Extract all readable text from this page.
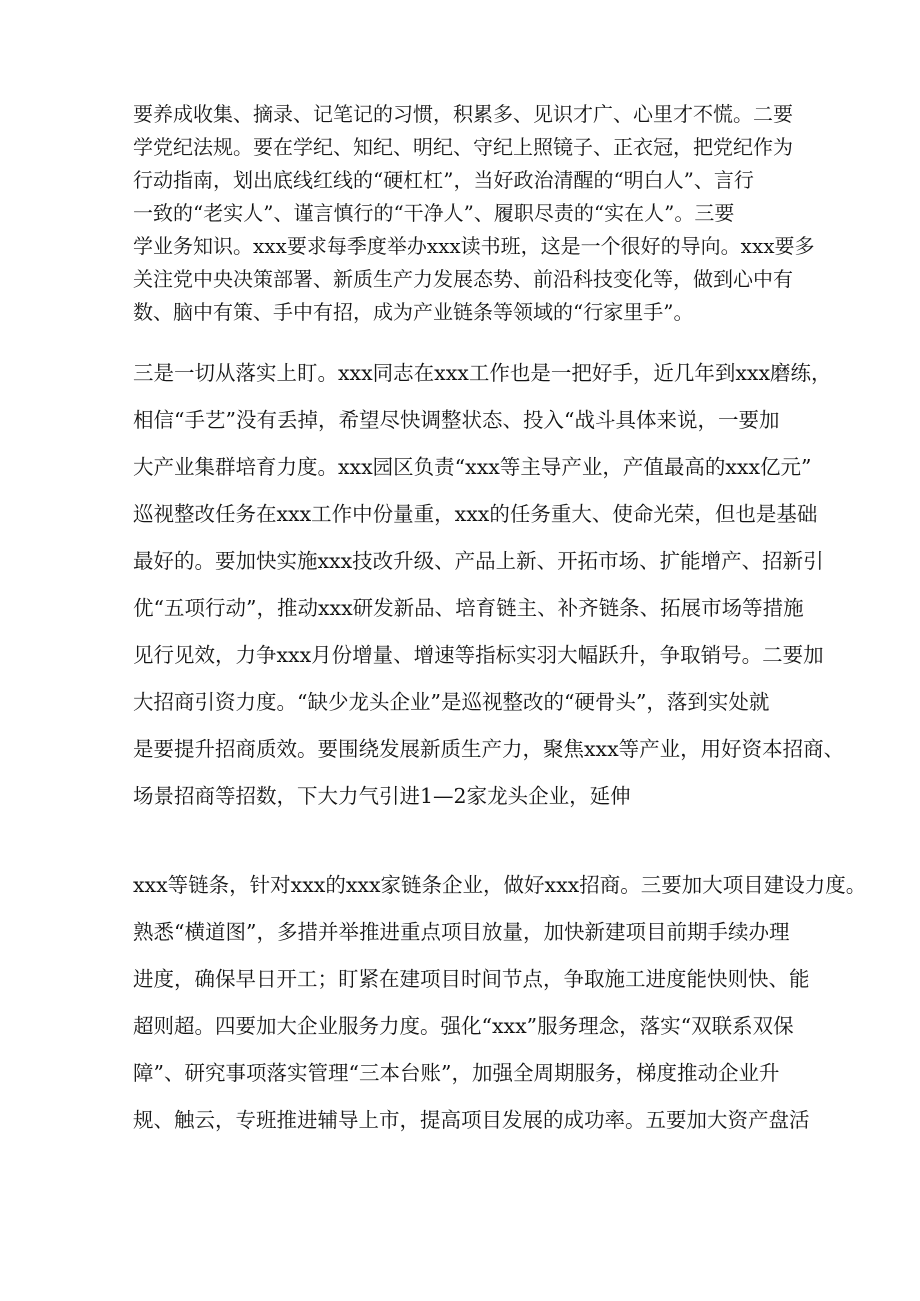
要养成收集、摘录、记笔记的习惯，积累多、见识才广、心里才不慌。二要
学党纪法规。要在学纪、知纪、明纪、守纪上照镜子、正衣冠，把党纪作为
行动指南，划出底线红线的“硬杠杠”，当好政治清醒的“明白人”、言行
一致的“老实人”、谨言慎行的“干净人”、履职尽责的“实在人”。三要
学业务知识。xxx要求每季度举办xxx读书班，这是一个很好的导向。xxx要多
关注党中央决策部署、新质生产力发展态势、前沿科技变化等，做到心中有
数、脑中有策、手中有招，成为产业链条等领域的“行家里手”。
三是一切从落实上盯。xxx同志在xxx工作也是一把好手，近几年到xxx磨练，
相信“手艺”没有丢掉，希望尽快调整状态、投入“战斗具体来说，一要加
大产业集群培育力度。xxx园区负责“xxx等主导产业，产值最高的xxx亿元”
巡视整改任务在xxx工作中份量重，xxx的任务重大、使命光荣，但也是基础
最好的。要加快实施xxx技改升级、产品上新、开拓市场、扩能增产、招新引
优“五项行动”，推动xxx研发新品、培育链主、补齐链条、拓展市场等措施
见行见效，力争xxx月份增量、增速等指标实羽大幅跃升，争取销号。二要加
大招商引资力度。“缺少龙头企业”是巡视整改的“硬骨头”，落到实处就
是要提升招商质效。要围绕发展新质生产力，聚焦xxx等产业，用好资本招商、
场景招商等招数，下大力气引进1—2家龙头企业，延伸
xxx等链条，针对xxx的xxx家链条企业，做好xxx招商。三要加大项目建设力度。
熟悉“横道图”，多措并举推进重点项目放量，加快新建项目前期手续办理
进度，确保早日开工；盯紧在建项目时间节点，争取施工进度能快则快、能
超则超。四要加大企业服务力度。强化“xxx”服务理念，落实“双联系双保
障”、研究事项落实管理“三本台账”，加强全周期服务，梯度推动企业升
规、触云，专班推进辅导上市，提高项目发展的成功率。五要加大资产盘活
